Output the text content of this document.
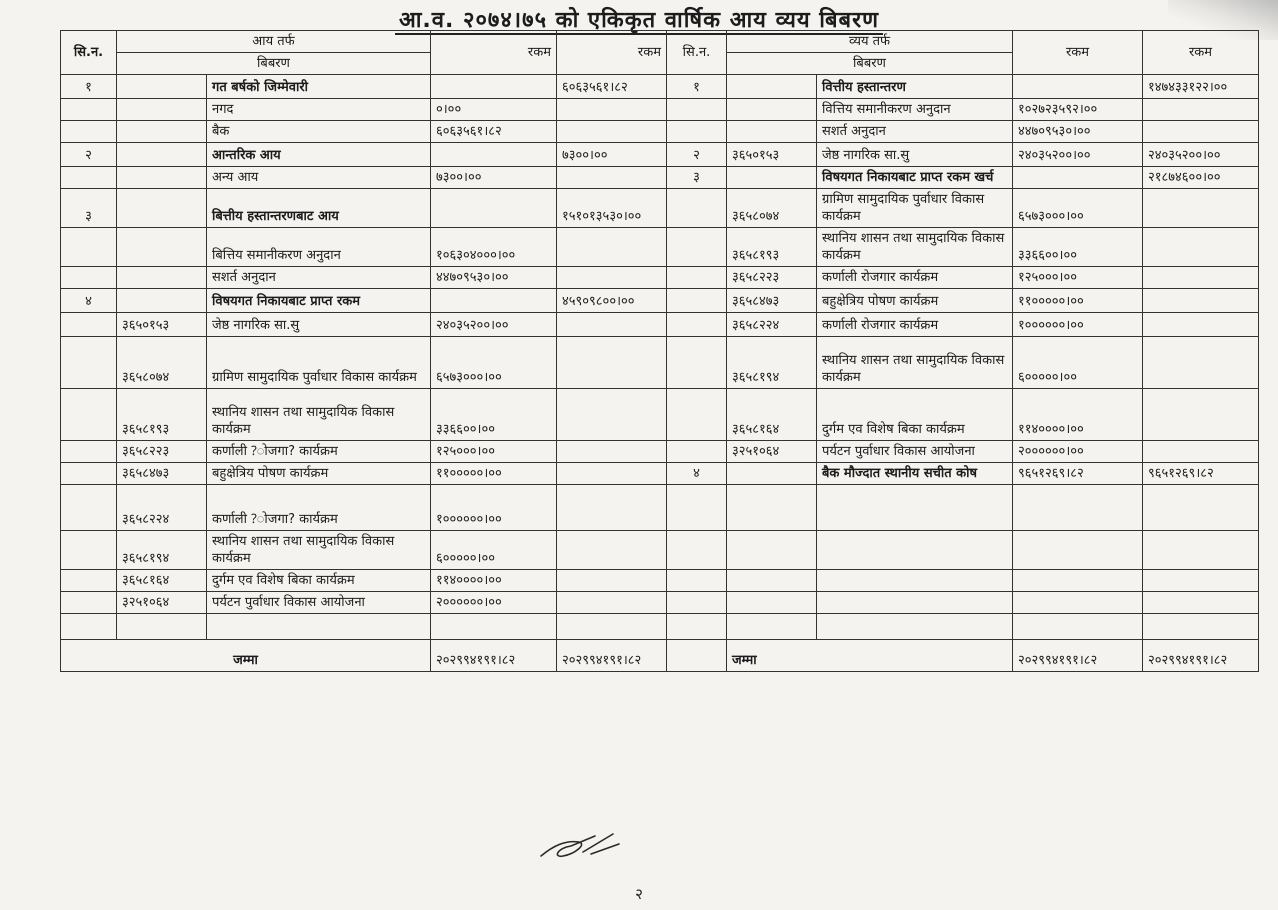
आ.व. २०७४।७५ को एकिकृत वार्षिक आय व्यय बिबरण
सि.न.	आय तर्फ		रकम	रकम	सि.न.	व्यय तर्फ		रकम	रकम
	बिबरण					बिबरण			
१		गत बर्षको जिम्मेवारी		६०६३५६१।८२	१		वित्तीय हस्तान्तरण		१४७४३३१२२।००
		नगद	०।००				वित्तिय समानीकरण अनुदान	१०२७२३५९२।००	
		बैक	६०६३५६१।८२				सशर्त अनुदान	४४७०९५३०।००	
२		आन्तरिक आय		७३००।००	२	३६५०१५३	जेष्ठ नागरिक सा.सु	२४०३५२००।००	२४०३५२००।००
		अन्य आय	७३००।००		३		विषयगत निकायबाट प्राप्त रकम खर्च		२१८७४६००।००
३		बित्तीय हस्तान्तरणबाट आय		१५१०१३५३०।००		३६५८०७४	ग्रामिण सामुदायिक पुर्वाधार विकास कार्यक्रम	६५७३०००।००	
		बित्तिय समानीकरण अनुदान	१०६३०४०००।००			३६५८१९३	स्थानिय शासन तथा सामुदायिक विकास कार्यक्रम	३३६६००।००	
		सशर्त अनुदान	४४७०९५३०।००			३६५८२२३	कर्णाली रोजगार कार्यक्रम	१२५०००।००	
४		विषयगत निकायबाट प्राप्त रकम		४५९०९८००।००		३६५८४७३	बहुक्षेत्रिय पोषण कार्यक्रम	११०००००।००	
	३६५०१५३	जेष्ठ नागरिक सा.सु	२४०३५२००।००			३६५८२२४	कर्णाली रोजगार कार्यक्रम	१००००००।००	
	३६५८०७४	ग्रामिण सामुदायिक पुर्वाधार विकास कार्यक्रम	६५७३०००।००			३६५८१९४	स्थानिय शासन तथा सामुदायिक विकास कार्यक्रम	६०००००।००	
	३६५८१९३	स्थानिय शासन तथा सामुदायिक विकास कार्यक्रम	३३६६००।००			३६५८१६४	दुर्गम एव विशेष बिका कार्यक्रम	११४००००।००	
	३६५८२२३	कर्णाली ?ोजगा? कार्यक्रम	१२५०००।००			३२५१०६४	पर्यटन पुर्वाधार विकास आयोजना	२००००००।००	
	३६५८४७३	बहुक्षेत्रिय पोषण कार्यक्रम	११०००००।००		४		बैक मौज्दात स्थानीय सचीत कोष	९६५१२६९।८२	९६५१२६९।८२
	३६५८२२४	कर्णाली ?ोजगा? कार्यक्रम	१००००००।००						
	३६५८१९४	स्थानिय शासन तथा सामुदायिक विकास कार्यक्रम	६०००००।००						
	३६५८१६४	दुर्गम एव विशेष बिका कार्यक्रम	११४००००।००						
	३२५१०६४	पर्यटन पुर्वाधार विकास आयोजना	२००००००।००						

जम्मा			२०२९९४१९१।८२	२०२९९४१९१।८२		जम्मा		२०२९९४१९१।८२	२०२९९४१९१।८२
२
